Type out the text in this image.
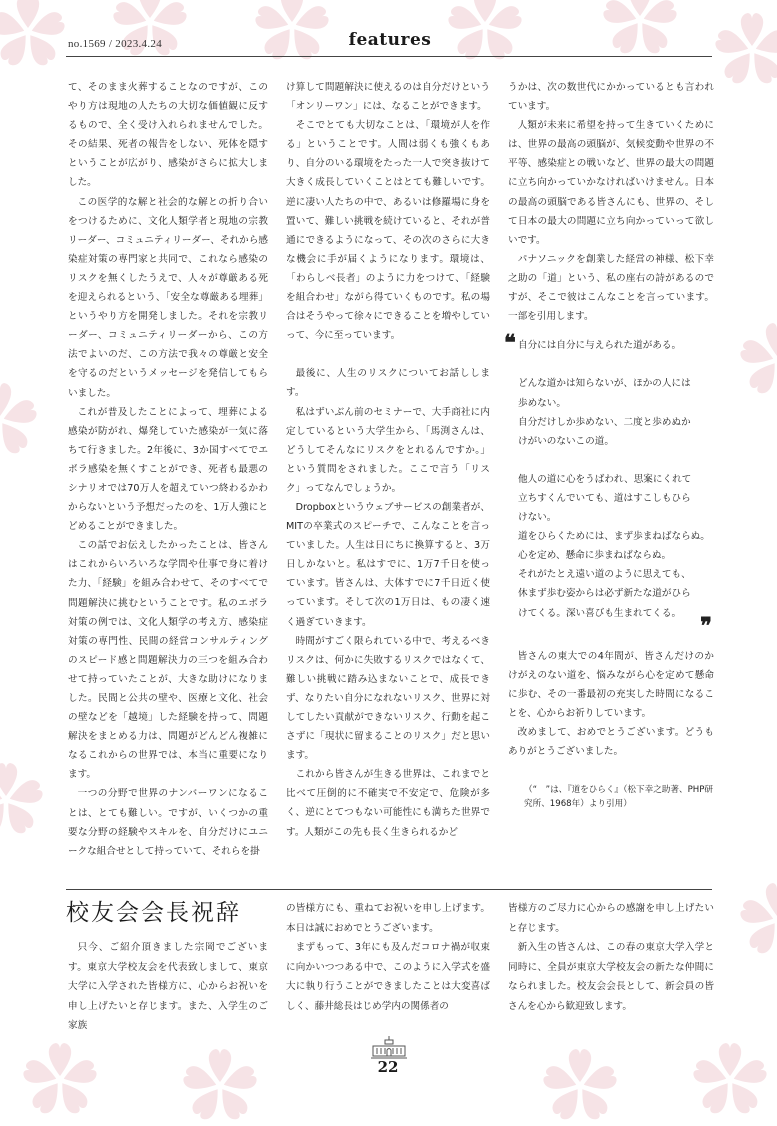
no.1569 / 2023.4.24	features

て、そのまま火葬することなのですが、このやり方は現地の人たちの大切な価値観に反するもので、全く受け入れられませんでした。その結果、死者の報告をしない、死体を隠すということが広がり、感染がさらに拡大しました。

この医学的な解と社会的な解との折り合いをつけるために、文化人類学者と現地の宗教リーダー、コミュニティリーダー、それから感染症対策の専門家と共同で、これなら感染のリスクを無くしたうえで、人々が尊厳ある死を迎えられるという、「安全な尊厳ある埋葬」というやり方を開発しました。それを宗教リーダー、コミュニティリーダーから、この方法でよいのだ、この方法で我々の尊厳と安全を守るのだというメッセージを発信してもらいました。

これが普及したことによって、埋葬による感染が防がれ、爆発していた感染が一気に落ちて行きました。2年後に、3か国すべてでエボラ感染を無くすことができ、死者も最悪のシナリオでは70万人を超えていつ終わるかわからないという予想だったのを、1万人強にとどめることができました。

この話でお伝えしたかったことは、皆さんはこれからいろいろな学問や仕事で身に着けた力、「経験」を組み合わせて、そのすべてで問題解決に挑むということです。私のエボラ対策の例では、文化人類学の考え方、感染症対策の専門性、民間の経営コンサルティングのスピード感と問題解決力の三つを組み合わせて持っていたことが、大きな助けになりました。民間と公共の壁や、医療と文化、社会の壁などを「越境」した経験を持って、問題解決をまとめる力は、問題がどんどん複雑になるこれからの世界では、本当に重要になります。

一つの分野で世界のナンバーワンになることは、とても難しい。ですが、いくつかの重要な分野の経験やスキルを、自分だけにユニークな組合せとして持っていて、それらを掛

け算して問題解決に使えるのは自分だけという「オンリーワン」には、なることができます。

そこでとても大切なことは、「環境が人を作る」ということです。人間は弱くも強くもあり、自分のいる環境をたった一人で突き抜けて大きく成長していくことはとても難しいです。逆に凄い人たちの中で、あるいは修羅場に身を置いて、難しい挑戦を続けていると、それが普通にできるようになって、その次のさらに大きな機会に手が届くようになります。環境は、「わらしべ長者」のように力をつけて、「経験を組合わせ」ながら得ていくものです。私の場合はそうやって徐々にできることを増やしていって、今に至っています。

最後に、人生のリスクについてお話しします。

私はずいぶん前のセミナーで、大手商社に内定しているという大学生から、「馬渕さんは、どうしてそんなにリスクをとれるんですか。」という質問をされました。ここで言う「リスク」ってなんでしょうか。

Dropboxというウェブサービスの創業者が、MITの卒業式のスピーチで、こんなことを言っていました。人生は日にちに換算すると、3万日しかないと。私はすでに、1万7千日を使っています。皆さんは、大体すでに7千日近く使っています。そして次の1万日は、もの凄く速く過ぎていきます。

時間がすごく限られている中で、考えるべきリスクは、何かに失敗するリスクではなくて、難しい挑戦に踏み込まないことで、成長できず、なりたい自分になれないリスク、世界に対してしたい貢献ができないリスク、行動を起こさずに「現状に留まることのリスク」だと思います。

これから皆さんが生きる世界は、これまでと比べて圧倒的に不確実で不安定で、危険が多く、逆にとてつもない可能性にも満ちた世界です。人類がこの先も長く生きられるかど

うかは、次の数世代にかかっているとも言われています。

人類が未来に希望を持って生きていくためには、世界の最高の頭脳が、気候変動や世界の不平等、感染症との戦いなど、世界の最大の問題に立ち向かっていかなければいけません。日本の最高の頭脳である皆さんにも、世界の、そして日本の最大の問題に立ち向かっていって欲しいです。

パナソニックを創業した経営の神様、松下幸之助の「道」という、私の座右の詩があるのですが、そこで彼はこんなことを言っています。一部を引用します。

❝ 自分には自分に与えられた道がある。
どんな道かは知らないが、ほかの人には
歩めない。
自分だけしか歩めない、二度と歩めぬか
けがいのないこの道。
他人の道に心をうばわれ、思案にくれて
立ちすくんでいても、道はすこしもひら
けない。
道をひらくためには、まず歩まねばならぬ。
心を定め、懸命に歩まねばならぬ。
それがたとえ遠い道のように思えても、
休まず歩む姿からは必ず新たな道がひら
けてくる。深い喜びも生まれてくる。 ❞

皆さんの東大での4年間が、皆さんだけのかけがえのない道を、悩みながら心を定めて懸命に歩む、その一番最初の充実した時間になることを、心からお祈りしています。

改めまして、おめでとうございます。どうもありがとうございました。

（“　”は、『道をひらく』（松下幸之助著、PHP研究所、1968年）より引用）
校友会会長祝辞

只今、ご紹介頂きました宗岡でございます。東京大学校友会を代表致しまして、東京大学に入学された皆様方に、心からお祝いを申し上げたいと存じます。また、入学生のご家族

の皆様方にも、重ねてお祝いを申し上げます。本日は誠におめでとうございます。

まずもって、3年にも及んだコロナ禍が収束に向かいつつある中で、このように入学式を盛大に執り行うことができましたことは大変喜ばしく、藤井総長はじめ学内の関係者の

皆様方のご尽力に心からの感謝を申し上げたいと存じます。

新入生の皆さんは、この春の東京大学入学と同時に、全員が東京大学校友会の新たな仲間になられました。校友会会長として、新会員の皆さんを心から歓迎致します。

22
